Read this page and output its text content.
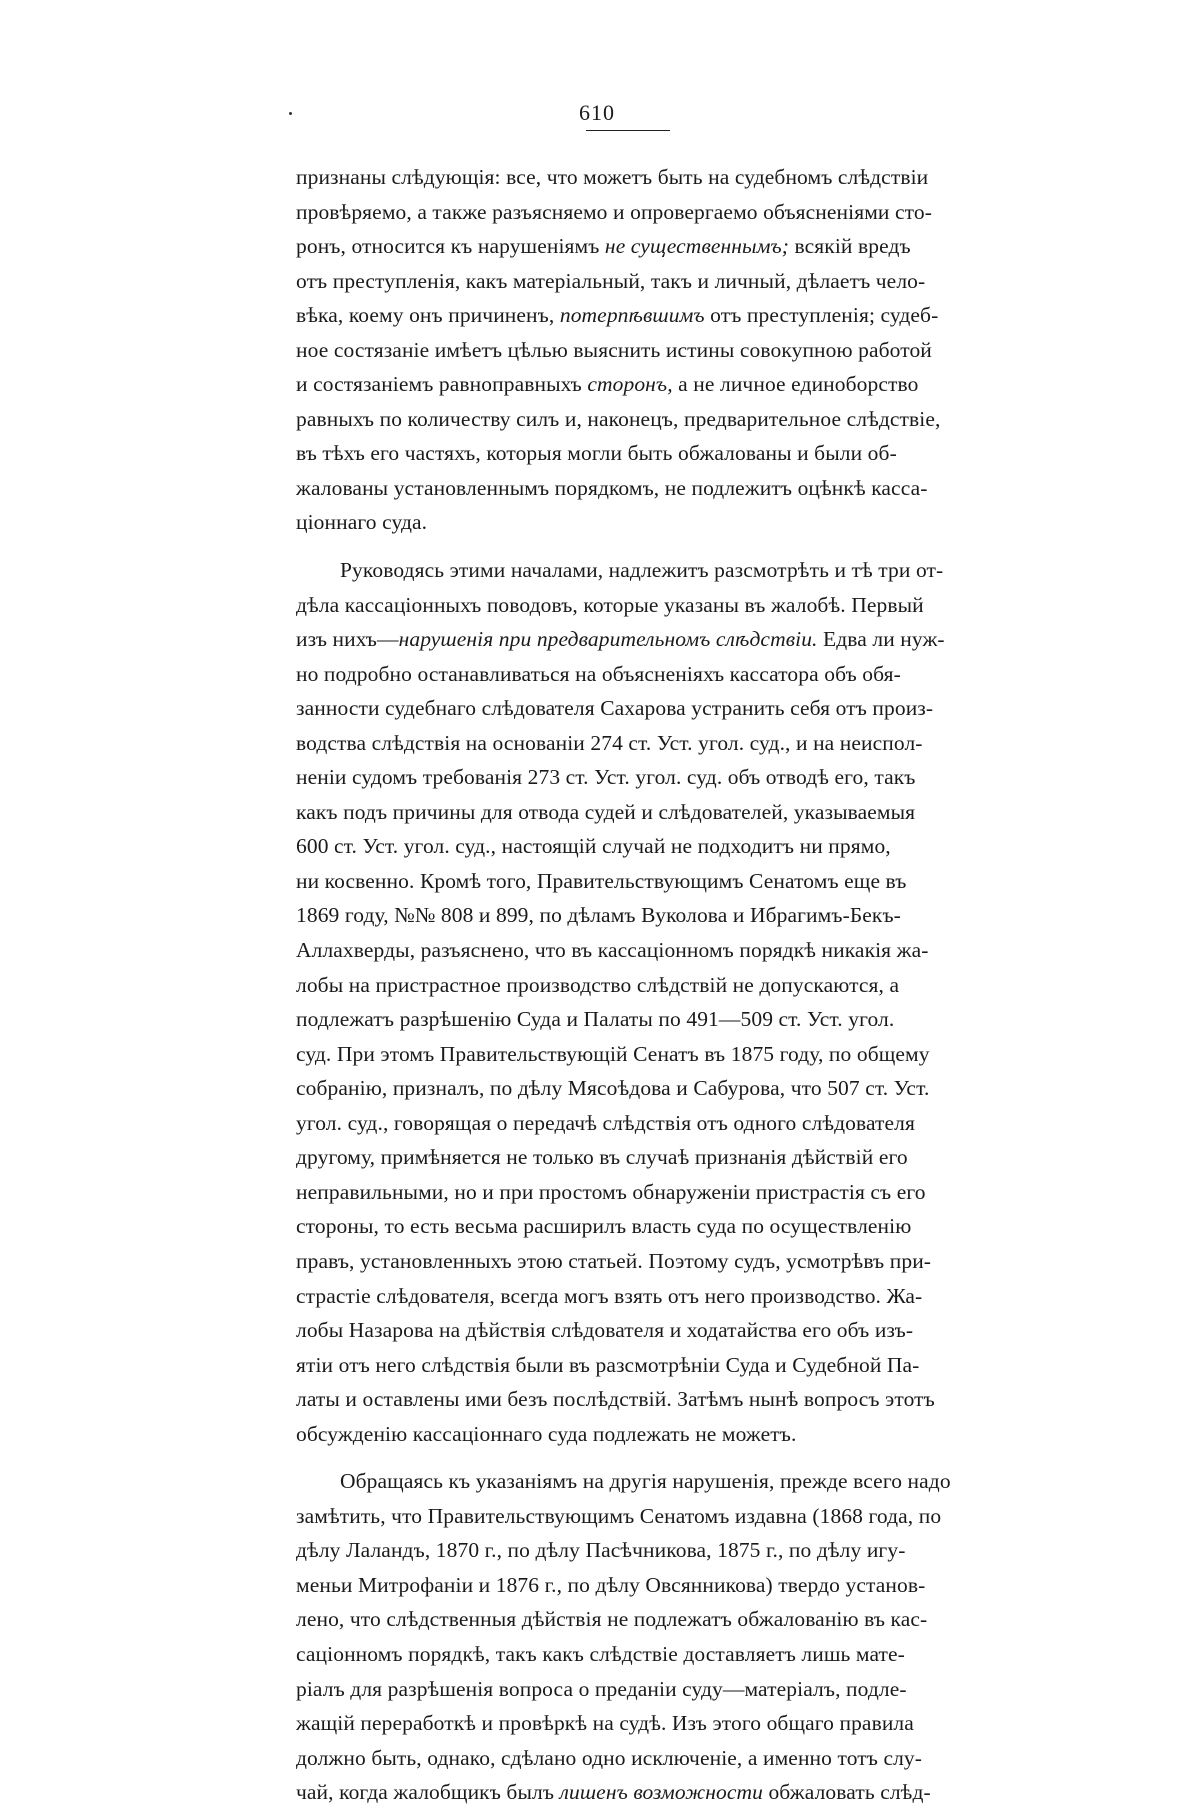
610
признаны слѣдующія: все, что можетъ быть на судебномъ слѣдствіи
провѣряемо, а также разъясняемо и опровергаемо объясненіями сто-
ронъ, относится къ нарушеніямъ не существеннымъ; всякій вредъ
отъ преступленія, какъ матеріальный, такъ и личный, дѣлаетъ чело-
вѣка, коему онъ причиненъ, потерпѣвшимъ отъ преступленія; судеб-
ное состязаніе имѣетъ цѣлью выяснить истины совокупною работой
и состязаніемъ равноправныхъ сторонъ, а не личное единоборство
равныхъ по количеству силъ и, наконецъ, предварительное слѣдствіе,
въ тѣхъ его частяхъ, которыя могли быть обжалованы и были об-
жалованы установленнымъ порядкомъ, не подлежитъ оцѣнкѣ касса-
ціоннаго суда.
Руководясь этими началами, надлежитъ разсмотрѣть и тѣ три от-
дѣла кассаціонныхъ поводовъ, которые указаны въ жалобѣ. Первый
изъ нихъ—нарушенія при предварительномъ слѣдствіи. Едва ли нуж-
но подробно останавливаться на объясненіяхъ кассатора объ обя-
занности судебнаго слѣдователя Сахарова устранить себя отъ произ-
водства слѣдствія на основаніи 274 ст. Уст. угол. суд., и на неиспол-
неніи судомъ требованія 273 ст. Уст. угол. суд. объ отводѣ его, такъ
какъ подъ причины для отвода судей и слѣдователей, указываемыя
600 ст. Уст. угол. суд., настоящій случай не подходитъ ни прямо,
ни косвенно. Кромѣ того, Правительствующимъ Сенатомъ еще въ
1869 году, №№ 808 и 899, по дѣламъ Вуколова и Ибрагимъ-Бекъ-
Аллахверды, разъяснено, что въ кассаціонномъ порядкѣ никакія жа-
лобы на пристрастное производство слѣдствій не допускаются, а
подлежатъ разрѣшенію Суда и Палаты по 491—509 ст. Уст. угол.
суд. При этомъ Правительствующій Сенатъ въ 1875 году, по общему
собранію, призналъ, по дѣлу Мясоѣдова и Сабурова, что 507 ст. Уст.
угол. суд., говорящая о передачѣ слѣдствія отъ одного слѣдователя
другому, примѣняется не только въ случаѣ признанія дѣйствій его
неправильными, но и при простомъ обнаруженіи пристрастія съ его
стороны, то есть весьма расширилъ власть суда по осуществленію
правъ, установленныхъ этою статьей. Поэтому судъ, усмотрѣвъ при-
страстіе слѣдователя, всегда могъ взять отъ него производство. Жа-
лобы Назарова на дѣйствія слѣдователя и ходатайства его объ изъ-
ятіи отъ него слѣдствія были въ разсмотрѣніи Суда и Судебной Па-
латы и оставлены ими безъ послѣдствій. Затѣмъ нынѣ вопросъ этотъ
обсужденію кассаціоннаго суда подлежать не можетъ.
Обращаясь къ указаніямъ на другія нарушенія, прежде всего надо
замѣтить, что Правительствующимъ Сенатомъ издавна (1868 года, по
дѣлу Лаландъ, 1870 г., по дѣлу Пасѣчникова, 1875 г., по дѣлу игу-
меньи Митрофаніи и 1876 г., по дѣлу Овсянникова) твердо установ-
лено, что слѣдственныя дѣйствія не подлежатъ обжалованію въ кас-
саціонномъ порядкѣ, такъ какъ слѣдствіе доставляетъ лишь мате-
ріалъ для разрѣшенія вопроса о преданіи суду—матеріалъ, подле-
жащій переработкѣ и провѣркѣ на судѣ. Изъ этого общаго правила
должно быть, однако, сдѣлано одно исключеніе, а именно тотъ слу-
чай, когда жалобщикъ былъ лишенъ возможности обжаловать слѣд-
